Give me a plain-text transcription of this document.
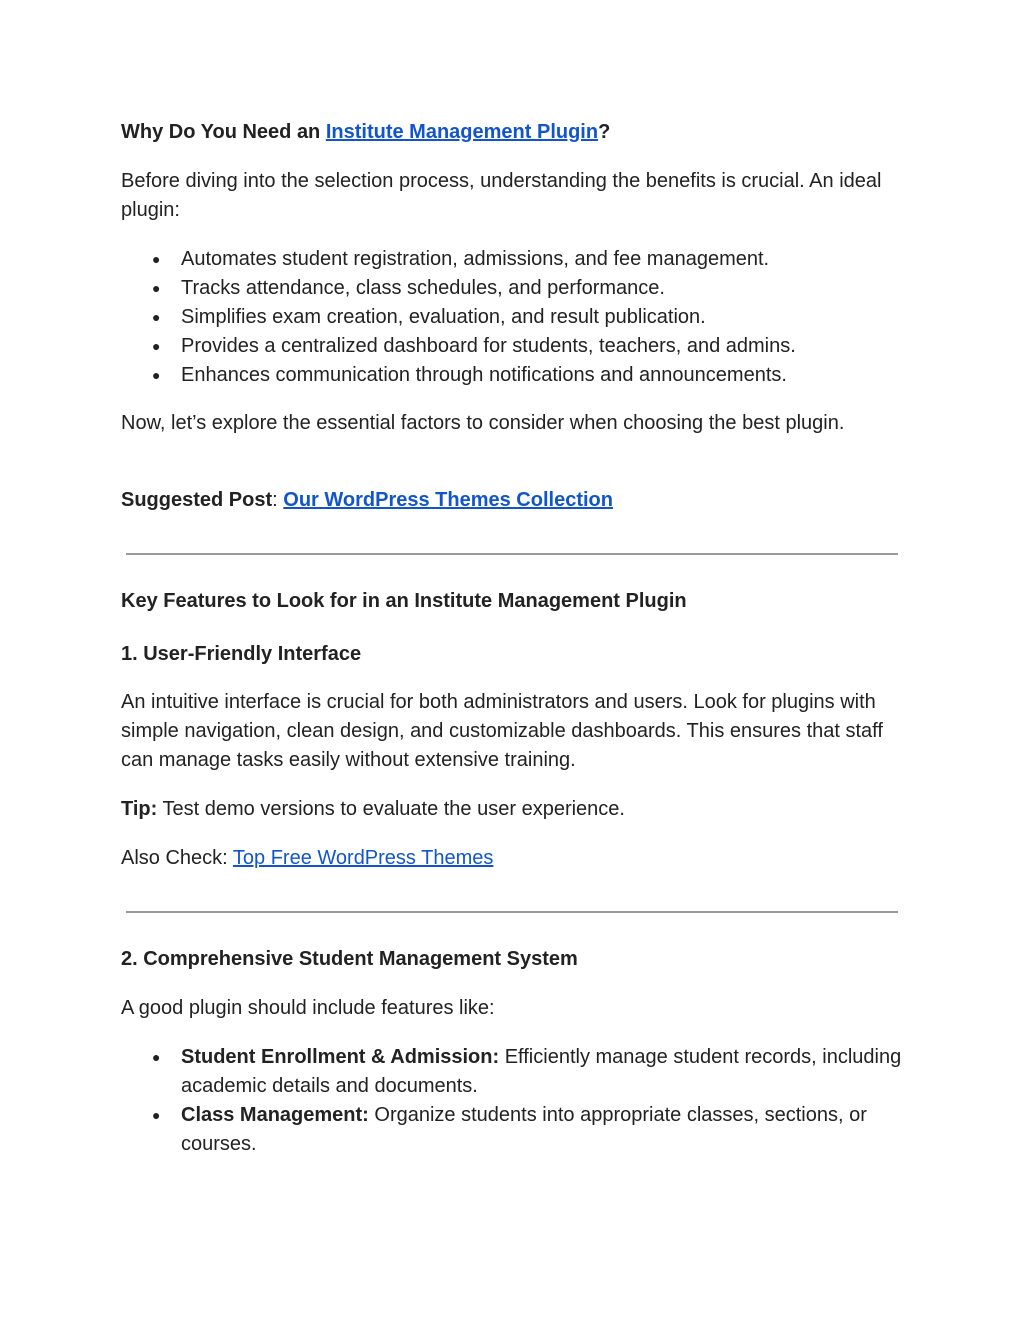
Why Do You Need an Institute Management Plugin?

Before diving into the selection process, understanding the benefits is crucial. An ideal plugin:

● Automates student registration, admissions, and fee management.
● Tracks attendance, class schedules, and performance.
● Simplifies exam creation, evaluation, and result publication.
● Provides a centralized dashboard for students, teachers, and admins.
● Enhances communication through notifications and announcements.

Now, let’s explore the essential factors to consider when choosing the best plugin.

Suggested Post: Our WordPress Themes Collection

Key Features to Look for in an Institute Management Plugin

1. User-Friendly Interface

An intuitive interface is crucial for both administrators and users. Look for plugins with simple navigation, clean design, and customizable dashboards. This ensures that staff can manage tasks easily without extensive training.

Tip: Test demo versions to evaluate the user experience.

Also Check: Top Free WordPress Themes

2. Comprehensive Student Management System

A good plugin should include features like:

● Student Enrollment & Admission: Efficiently manage student records, including academic details and documents.
● Class Management: Organize students into appropriate classes, sections, or courses.
